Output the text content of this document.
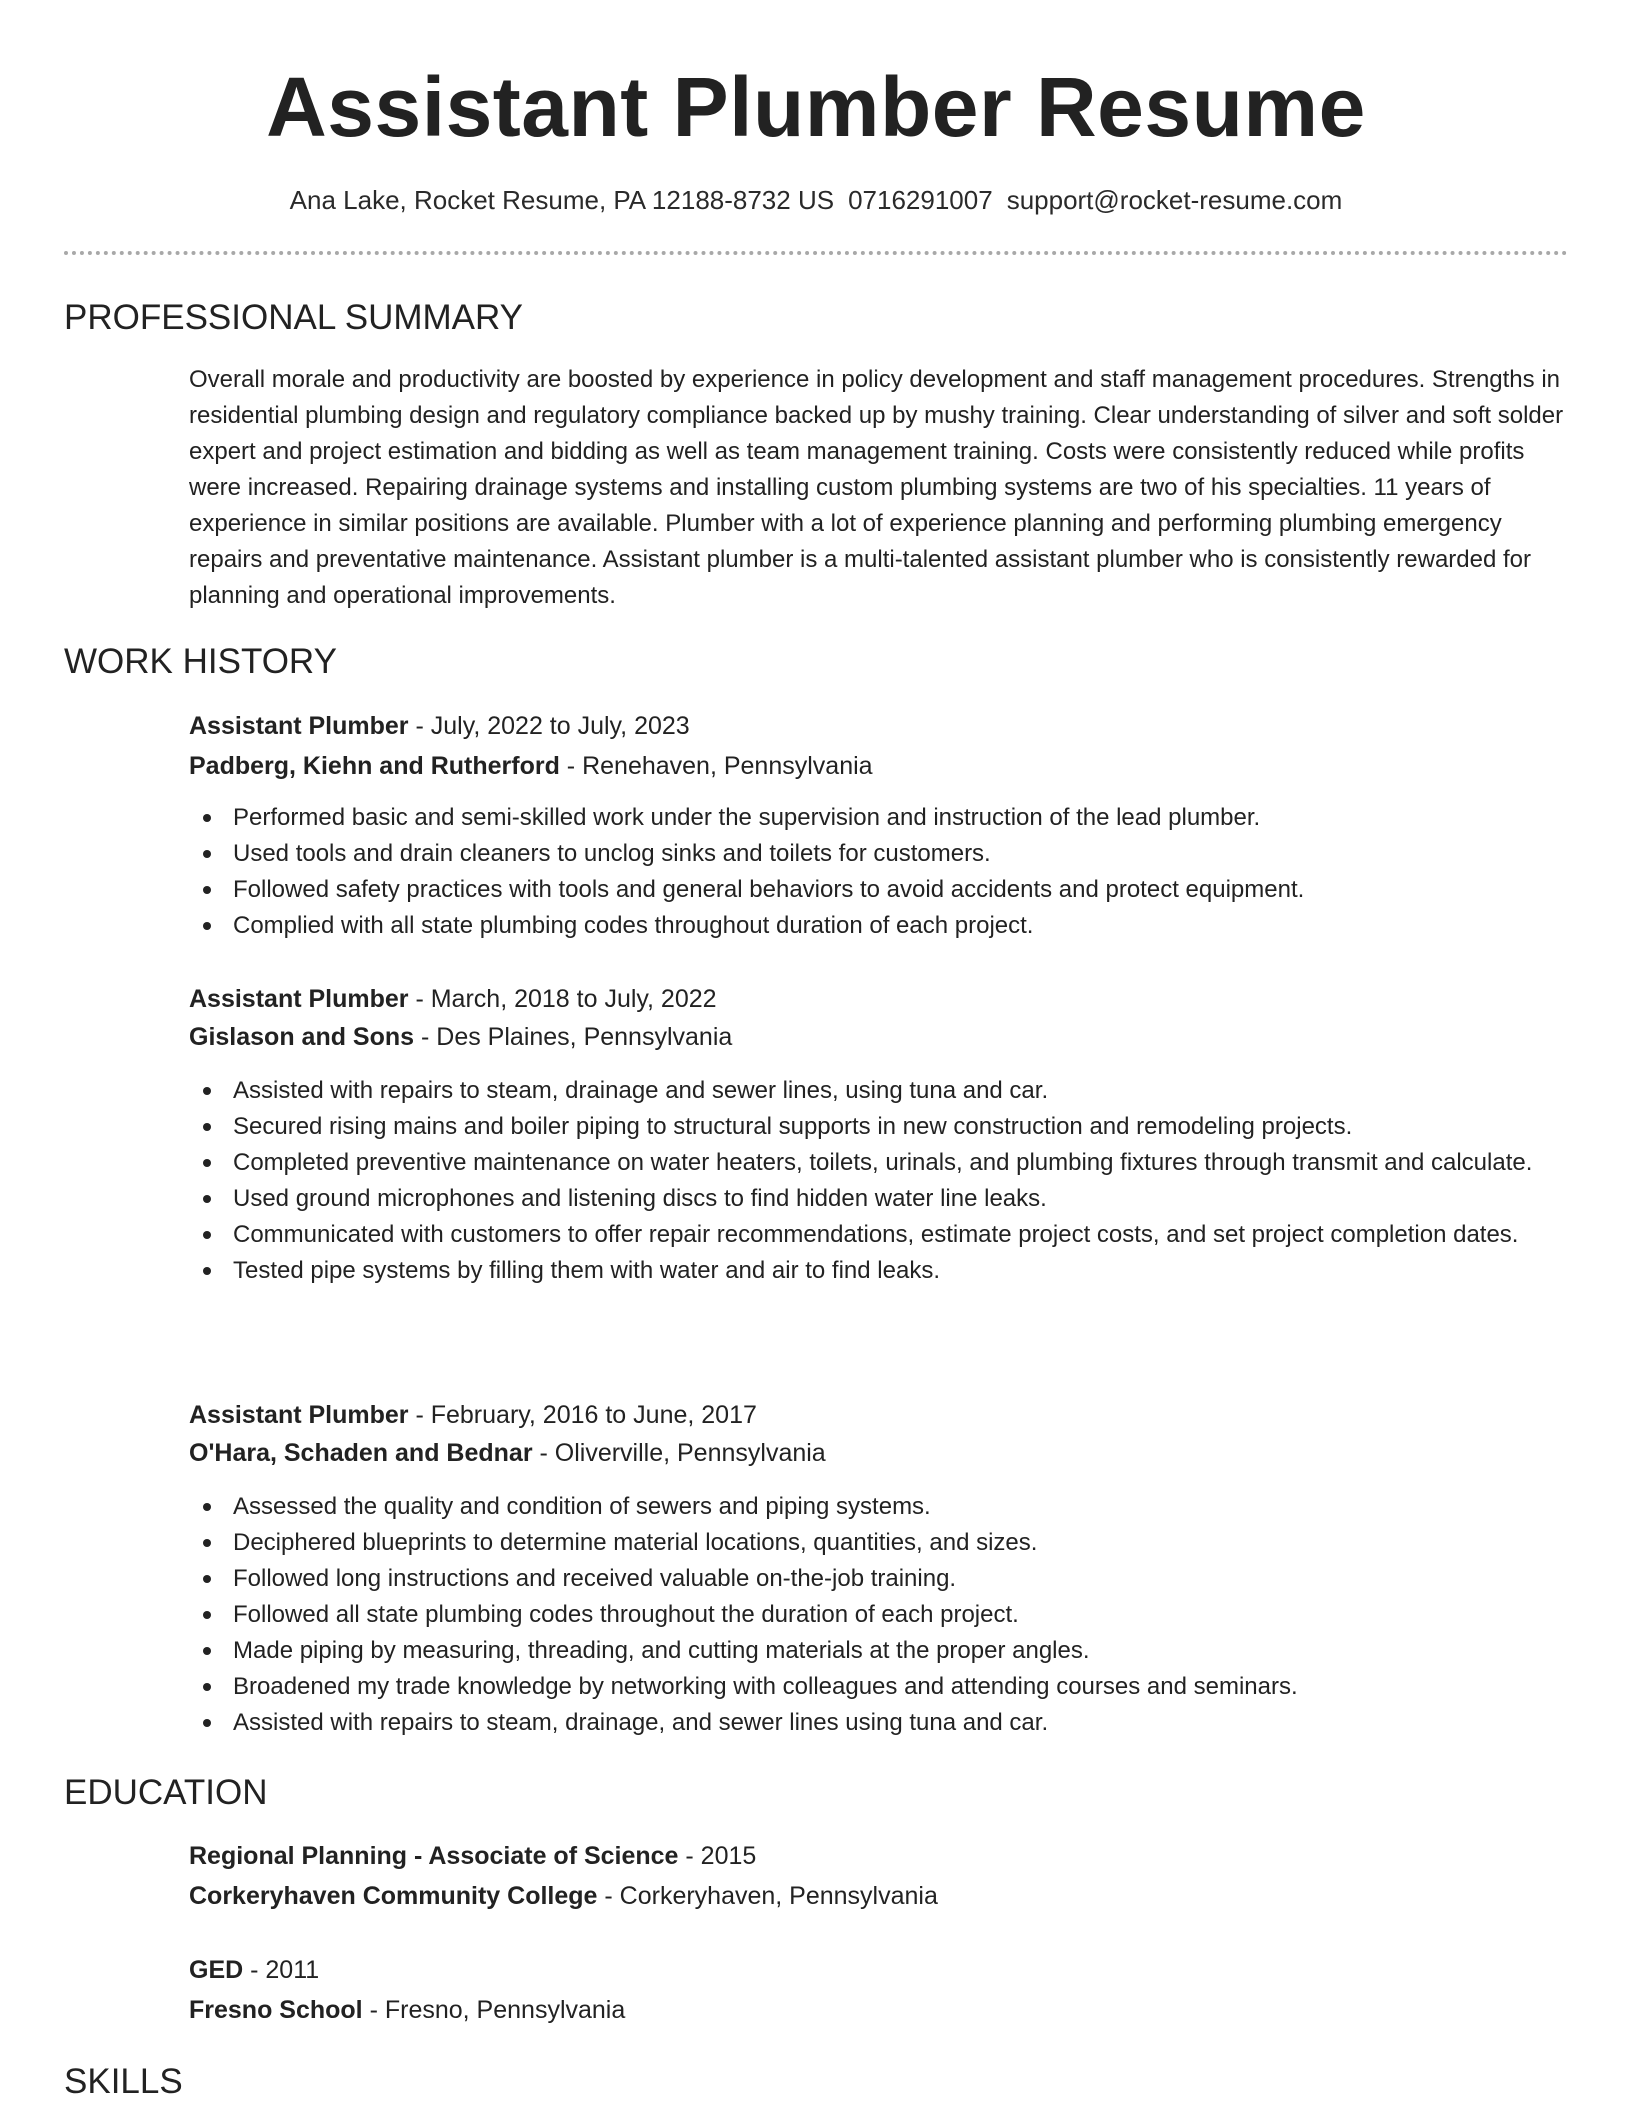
Assistant Plumber Resume
Ana Lake, Rocket Resume, PA 12188-8732 US 0716291007 support@rocket-resume.com
PROFESSIONAL SUMMARY
Overall morale and productivity are boosted by experience in policy development and staff management procedures. Strengths in residential plumbing design and regulatory compliance backed up by mushy training. Clear understanding of silver and soft solder expert and project estimation and bidding as well as team management training. Costs were consistently reduced while profits were increased. Repairing drainage systems and installing custom plumbing systems are two of his specialties. 11 years of experience in similar positions are available. Plumber with a lot of experience planning and performing plumbing emergency repairs and preventative maintenance. Assistant plumber is a multi-talented assistant plumber who is consistently rewarded for planning and operational improvements.
WORK HISTORY
Assistant Plumber - July, 2022 to July, 2023
Padberg, Kiehn and Rutherford - Renehaven, Pennsylvania
Performed basic and semi-skilled work under the supervision and instruction of the lead plumber.
Used tools and drain cleaners to unclog sinks and toilets for customers.
Followed safety practices with tools and general behaviors to avoid accidents and protect equipment.
Complied with all state plumbing codes throughout duration of each project.
Assistant Plumber - March, 2018 to July, 2022
Gislason and Sons - Des Plaines, Pennsylvania
Assisted with repairs to steam, drainage and sewer lines, using tuna and car.
Secured rising mains and boiler piping to structural supports in new construction and remodeling projects.
Completed preventive maintenance on water heaters, toilets, urinals, and plumbing fixtures through transmit and calculate.
Used ground microphones and listening discs to find hidden water line leaks.
Communicated with customers to offer repair recommendations, estimate project costs, and set project completion dates.
Tested pipe systems by filling them with water and air to find leaks.
Assistant Plumber - February, 2016 to June, 2017
O'Hara, Schaden and Bednar - Oliverville, Pennsylvania
Assessed the quality and condition of sewers and piping systems.
Deciphered blueprints to determine material locations, quantities, and sizes.
Followed long instructions and received valuable on-the-job training.
Followed all state plumbing codes throughout the duration of each project.
Made piping by measuring, threading, and cutting materials at the proper angles.
Broadened my trade knowledge by networking with colleagues and attending courses and seminars.
Assisted with repairs to steam, drainage, and sewer lines using tuna and car.
EDUCATION
Regional Planning - Associate of Science - 2015
Corkeryhaven Community College - Corkeryhaven, Pennsylvania
GED - 2011
Fresno School - Fresno, Pennsylvania
SKILLS
